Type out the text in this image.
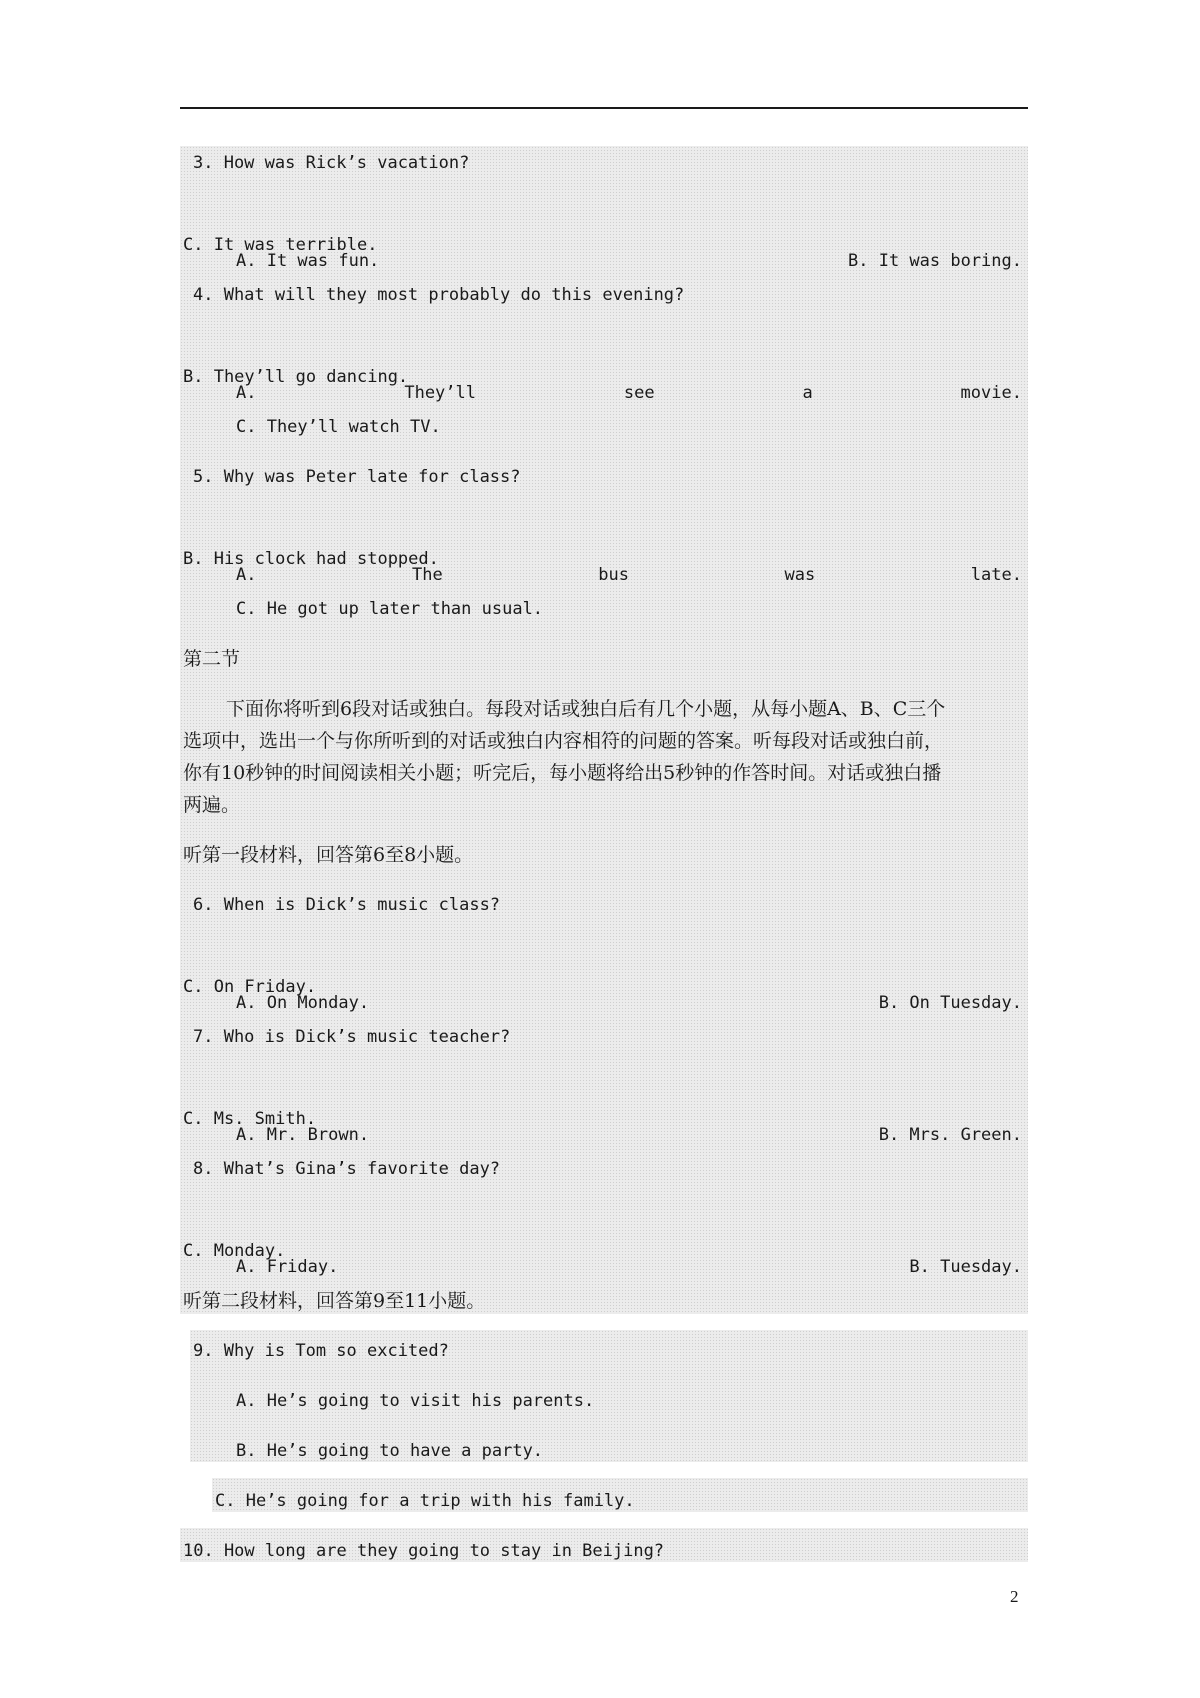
3. How was Rick’s vacation?

A. It was fun.	B. It was boring.

C. It was terrible.
4. What will they most probably do this evening?

A.	They’ll	see	a	movie.

B. They’ll go dancing.
C. They’ll watch TV.
5. Why was Peter late for class?

A.	The	bus	was	late.

B. His clock had stopped.
C. He got up later than usual.
第二节
下面你将听到6段对话或独白。每段对话或独白后有几个小题，从每小题A、B、C三个
选项中，选出一个与你所听到的对话或独白内容相符的问题的答案。听每段对话或独白前，
你有10秒钟的时间阅读相关小题；听完后，每小题将给出5秒钟的作答时间。对话或独白播
两遍。
听第一段材料，回答第6至8小题。
6. When is Dick’s music class?

A. On Monday.	B. On Tuesday.

C. On Friday.
7. Who is Dick’s music teacher?

A. Mr. Brown.	B. Mrs. Green.

C. Ms. Smith.
8. What’s Gina’s favorite day?

A. Friday.	B. Tuesday.

C. Monday.
听第二段材料，回答第9至11小题。
9. Why is Tom so excited?
A. He’s going to visit his parents.
B. He’s going to have a party.
C. He’s going for a trip with his family.
10. How long are they going to stay in Beijing?
2
